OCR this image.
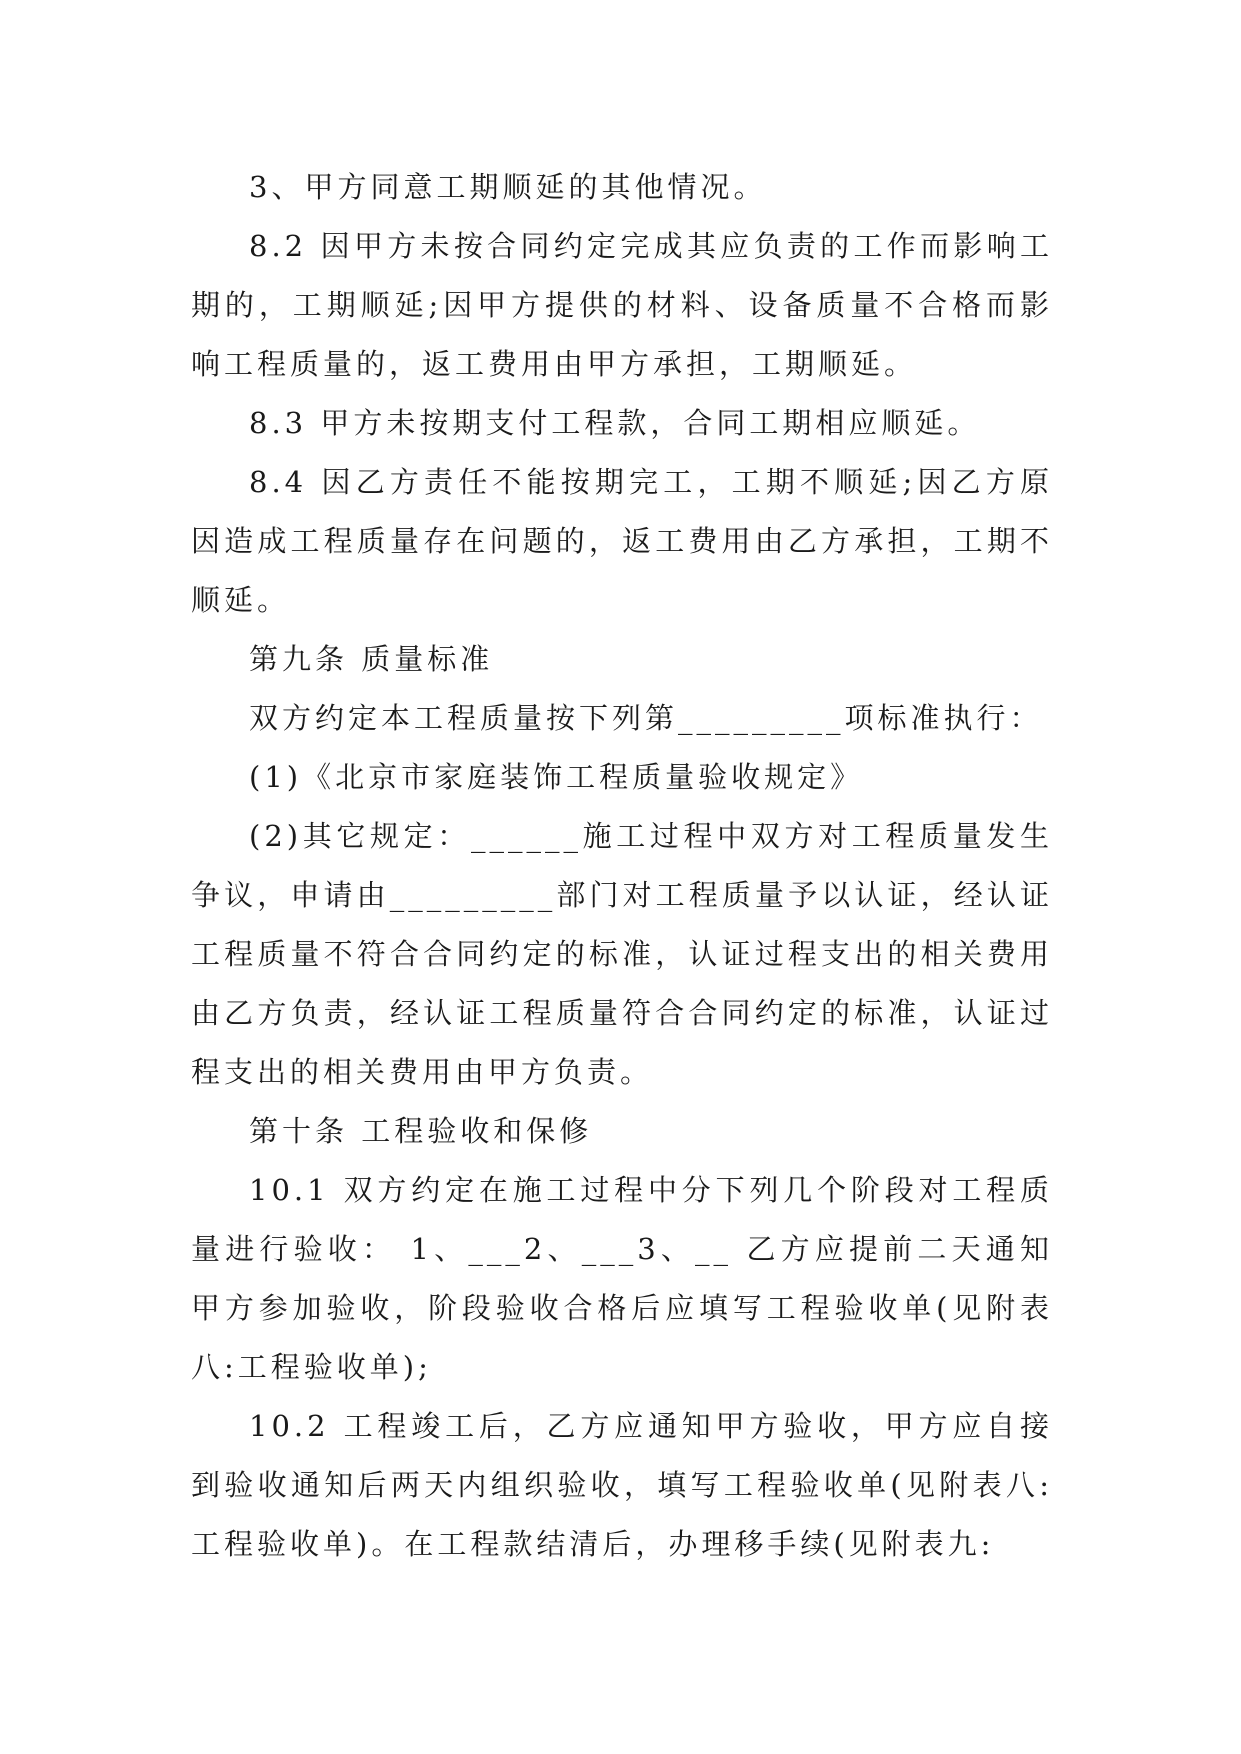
3、甲方同意工期顺延的其他情况。

8.2 因甲方未按合同约定完成其应负责的工作而影响工期的，工期顺延;因甲方提供的材料、设备质量不合格而影响工程质量的，返工费用由甲方承担，工期顺延。

8.3 甲方未按期支付工程款，合同工期相应顺延。

8.4 因乙方责任不能按期完工，工期不顺延;因乙方原因造成工程质量存在问题的，返工费用由乙方承担，工期不顺延。

第九条 质量标准

双方约定本工程质量按下列第_________项标准执行：

(1)《北京市家庭装饰工程质量验收规定》

(2)其它规定：______施工过程中双方对工程质量发生争议，申请由_________部门对工程质量予以认证，经认证工程质量不符合合同约定的标准，认证过程支出的相关费用由乙方负责，经认证工程质量符合合同约定的标准，认证过程支出的相关费用由甲方负责。

第十条 工程验收和保修

10.1 双方约定在施工过程中分下列几个阶段对工程质量进行验收： 1、___2、___3、__ 乙方应提前二天通知甲方参加验收，阶段验收合格后应填写工程验收单(见附表八:工程验收单);

10.2 工程竣工后，乙方应通知甲方验收，甲方应自接到验收通知后两天内组织验收，填写工程验收单(见附表八:工程验收单)。在工程款结清后，办理移手续(见附表九:
